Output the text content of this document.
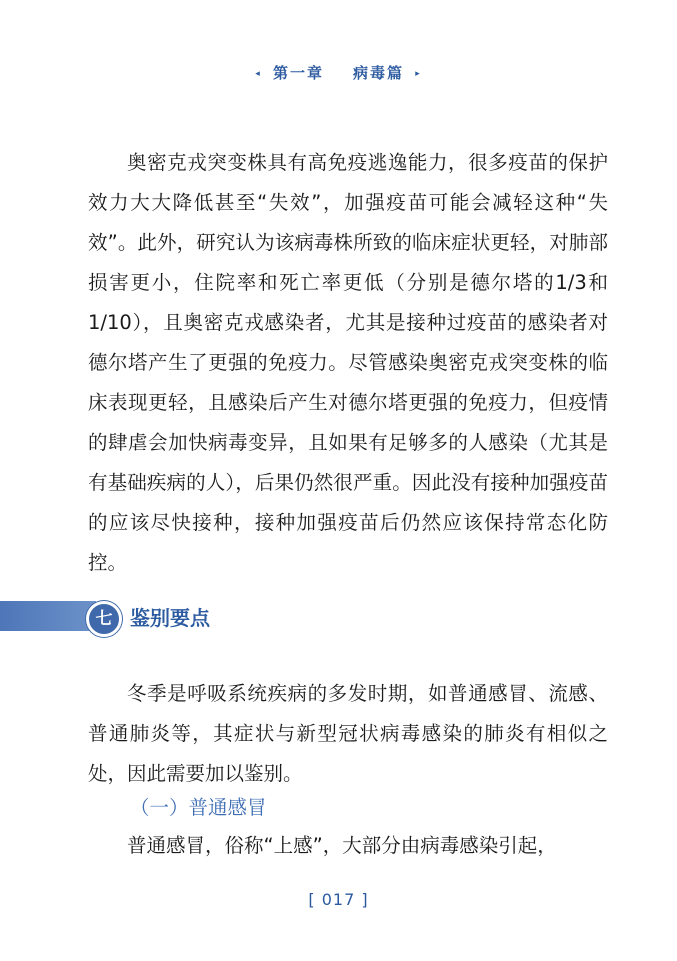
◂ 第一章 病毒篇 ▸

奥密克戎突变株具有高免疫逃逸能力，很多疫苗的保护效力大大降低甚至“失效”，加强疫苗可能会减轻这种“失效”。此外，研究认为该病毒株所致的临床症状更轻，对肺部损害更小，住院率和死亡率更低（分别是德尔塔的1/3和1/10），且奥密克戎感染者，尤其是接种过疫苗的感染者对德尔塔产生了更强的免疫力。尽管感染奥密克戎突变株的临床表现更轻，且感染后产生对德尔塔更强的免疫力，但疫情的肆虐会加快病毒变异，且如果有足够多的人感染（尤其是有基础疾病的人），后果仍然很严重。因此没有接种加强疫苗的应该尽快接种，接种加强疫苗后仍然应该保持常态化防控。

七 鉴别要点

冬季是呼吸系统疾病的多发时期，如普通感冒、流感、普通肺炎等，其症状与新型冠状病毒感染的肺炎有相似之处，因此需要加以鉴别。

（一）普通感冒

普通感冒，俗称“上感”，大部分由病毒感染引起，

[ 017 ]
